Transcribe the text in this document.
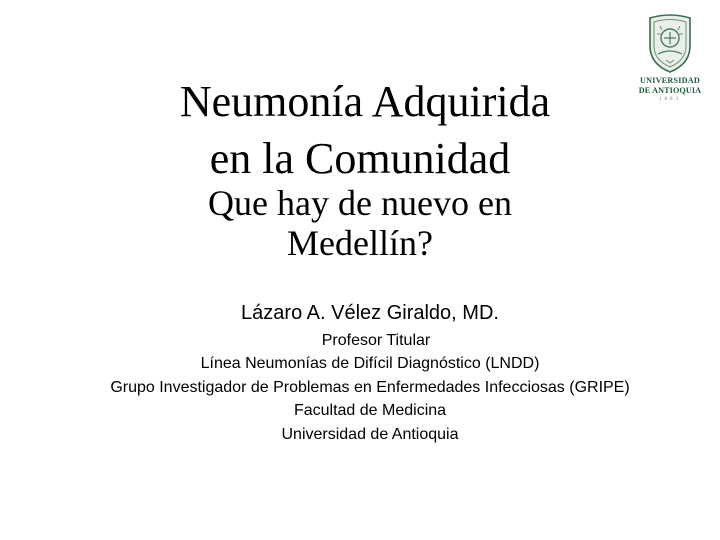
UNIVERSIDAD
DE ANTIOQUIA
1803
Neumonía Adquirida
en la Comunidad
Que hay de nuevo en
Medellín?
Lázaro A. Vélez Giraldo, MD.
Profesor Titular
Línea Neumonías de Difícil Diagnóstico (LNDD)
Grupo Investigador de Problemas en Enfermedades Infecciosas (GRIPE)
Facultad de Medicina
Universidad de Antioquia
